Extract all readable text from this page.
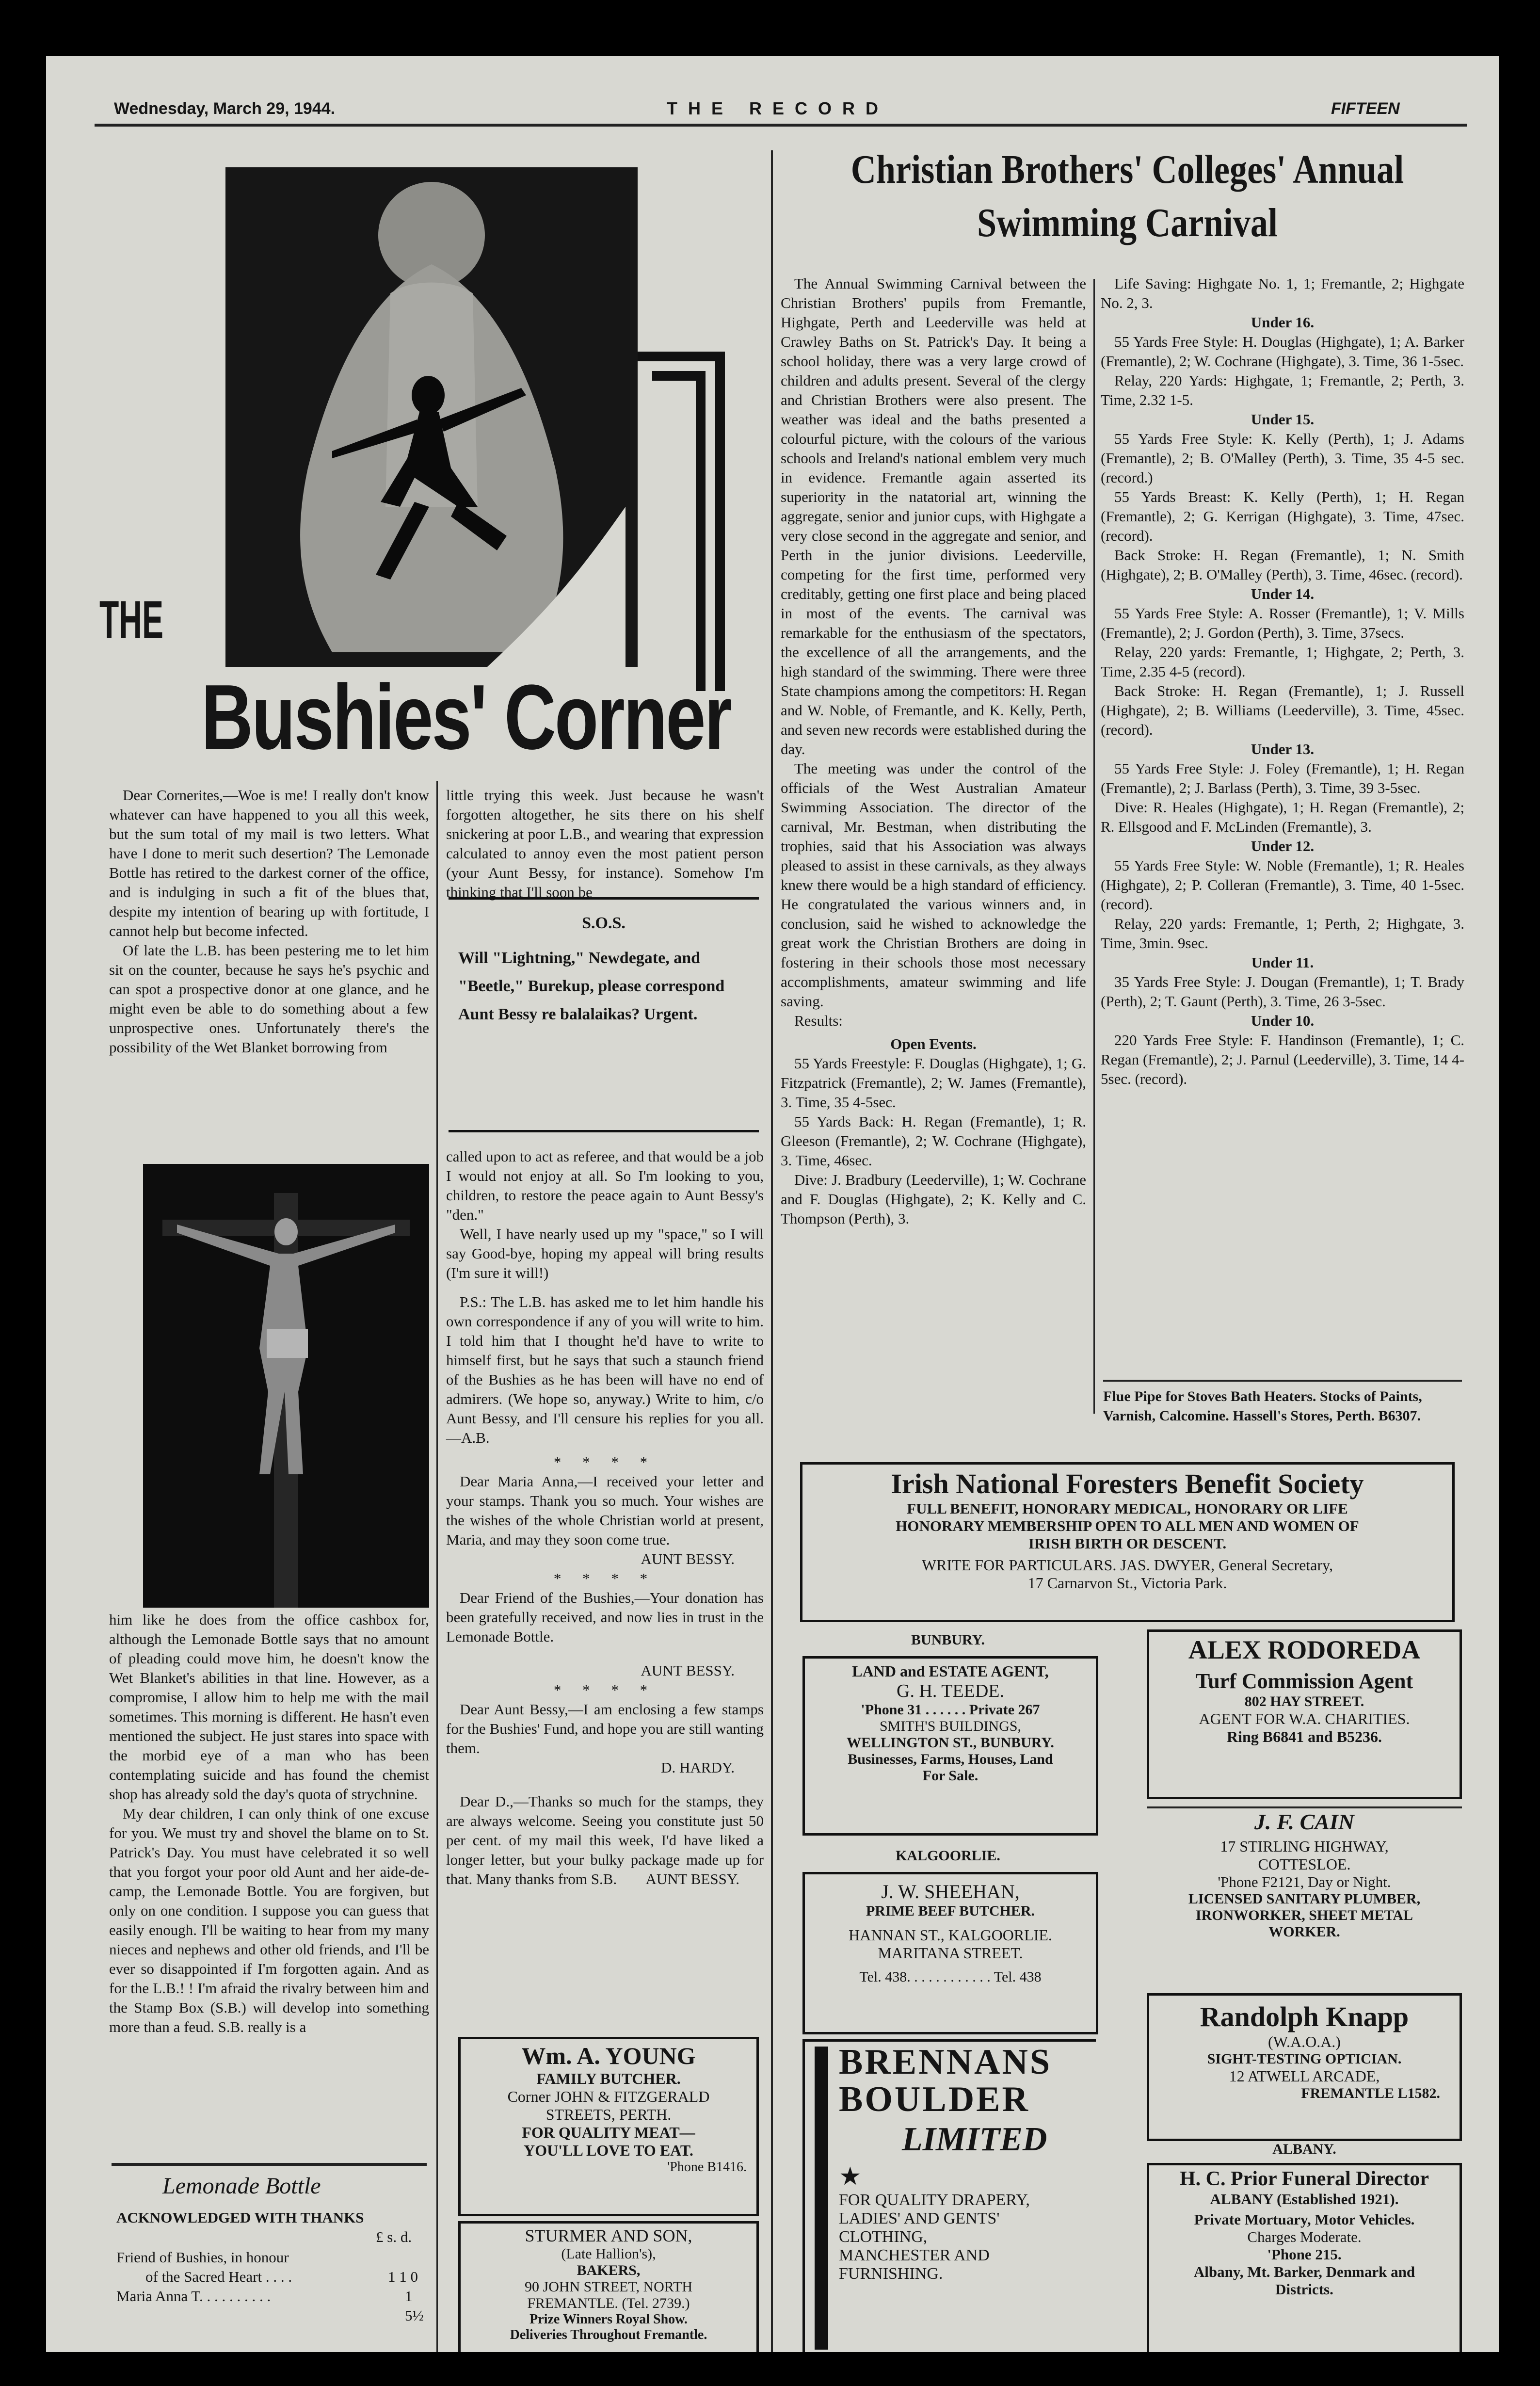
Wednesday, March 29, 1944.	THE RECORD	FIFTEEN
THE
Bushies' Corner

Dear Cornerites,—Woe is me! I really don't know whatever can have happened to you all this week, but the sum total of my mail is two letters. What have I done to merit such desertion? The Lemonade Bottle has retired to the darkest corner of the office, and is indulging in such a fit of the blues that, despite my intention of bearing up with fortitude, I cannot help but become infected.

Of late the L.B. has been pestering me to let him sit on the counter, because he says he's psychic and can spot a prospective donor at one glance, and he might even be able to do something about a few unprospective ones. Unfortunately there's the possibility of the Wet Blanket borrowing from

him like he does from the office cashbox for, although the Lemonade Bottle says that no amount of pleading could move him, he doesn't know the Wet Blanket's abilities in that line. However, as a compromise, I allow him to help me with the mail sometimes. This morning is different. He hasn't even mentioned the subject. He just stares into space with the morbid eye of a man who has been contemplating suicide and has found the chemist shop has already sold the day's quota of strychnine.

My dear children, I can only think of one excuse for you. We must try and shovel the blame on to St. Patrick's Day. You must have celebrated it so well that you forgot your poor old Aunt and her aide-de-camp, the Lemonade Bottle. You are forgiven, but only on one condition. I suppose you can guess that easily enough. I'll be waiting to hear from my many nieces and nephews and other old friends, and I'll be ever so disappointed if I'm forgotten again. And as for the L.B.! ! I'm afraid the rivalry between him and the Stamp Box (S.B.) will develop into something more than a feud. S.B. really is a

Lemonade Bottle
ACKNOWLEDGED WITH THANKS
£ s. d.
Friend of Bushies, in honour
of the Sacred Heart . . . .	1 1 0
Maria Anna T. . . . . . . . . .	1 5½

little trying this week. Just because he wasn't forgotten altogether, he sits there on his shelf snickering at poor L.B., and wearing that expression calculated to annoy even the most patient person (your Aunt Bessy, for instance). Somehow I'm thinking that I'll soon be

S.O.S.
Will "Lightning," Newdegate, and "Beetle," Burekup, please correspond Aunt Bessy re balalaikas? Urgent.

called upon to act as referee, and that would be a job I would not enjoy at all. So I'm looking to you, children, to restore the peace again to Aunt Bessy's "den."

Well, I have nearly used up my "space," so I will say Good-bye, hoping my appeal will bring results (I'm sure it will!)

P.S.: The L.B. has asked me to let him handle his own correspondence if any of you will write to him. I told him that I thought he'd have to write to himself first, but he says that such a staunch friend of the Bushies as he has been will have no end of admirers. (We hope so, anyway.) Write to him, c/o Aunt Bessy, and I'll censure his replies for you all.—A.B.

* * * *

Dear Maria Anna,—I received your letter and your stamps. Thank you so much. Your wishes are the wishes of the whole Christian world at present, Maria, and may they soon come true.

AUNT BESSY.
* * * *

Dear Friend of the Bushies,—Your donation has been gratefully received, and now lies in trust in the Lemonade Bottle.

AUNT BESSY.
* * * *

Dear Aunt Bessy,—I am enclosing a few stamps for the Bushies' Fund, and hope you are still wanting them.

D. HARDY.

Dear D.,—Thanks so much for the stamps, they are always welcome. Seeing you constitute just 50 per cent. of my mail this week, I'd have liked a longer letter, but your bulky package made up for that. Many thanks from S.B.	AUNT BESSY.
Wm. A. YOUNG
FAMILY BUTCHER.
Corner JOHN & FITZGERALD
STREETS, PERTH.
FOR QUALITY MEAT—
YOU'LL LOVE TO EAT.
'Phone B1416.
STURMER AND SON,
(Late Hallion's),
BAKERS,
90 JOHN STREET, NORTH
FREMANTLE. (Tel. 2739.)
Prize Winners Royal Show.
Deliveries Throughout Fremantle.
Christian Brothers' Colleges' Annual
Swimming Carnival

The Annual Swimming Carnival between the Christian Brothers' pupils from Fremantle, Highgate, Perth and Leederville was held at Crawley Baths on St. Patrick's Day. It being a school holiday, there was a very large crowd of children and adults present. Several of the clergy and Christian Brothers were also present. The weather was ideal and the baths presented a colourful picture, with the colours of the various schools and Ireland's national emblem very much in evidence. Fremantle again asserted its superiority in the natatorial art, winning the aggregate, senior and junior cups, with Highgate a very close second in the aggregate and senior, and Perth in the junior divisions. Leederville, competing for the first time, performed very creditably, getting one first place and being placed in most of the events. The carnival was remarkable for the enthusiasm of the spectators, the excellence of all the arrangements, and the high standard of the swimming. There were three State champions among the competitors: H. Regan and W. Noble, of Fremantle, and K. Kelly, Perth, and seven new records were established during the day.

The meeting was under the control of the officials of the West Australian Amateur Swimming Association. The director of the carnival, Mr. Bestman, when distributing the trophies, said that his Association was always pleased to assist in these carnivals, as they always knew there would be a high standard of efficiency. He congratulated the various winners and, in conclusion, said he wished to acknowledge the great work the Christian Brothers are doing in fostering in their schools those most necessary accomplishments, amateur swimming and life saving.

Results:

Open Events.

55 Yards Freestyle: F. Douglas (Highgate), 1; G. Fitzpatrick (Fremantle), 2; W. James (Fremantle), 3. Time, 35 4-5sec.

55 Yards Back: H. Regan (Fremantle), 1; R. Gleeson (Fremantle), 2; W. Cochrane (Highgate), 3. Time, 46sec.

Dive: J. Bradbury (Leederville), 1; W. Cochrane and F. Douglas (Highgate), 2; K. Kelly and C. Thompson (Perth), 3.

Life Saving: Highgate No. 1, 1; Fremantle, 2; Highgate No. 2, 3.

Under 16.

55 Yards Free Style: H. Douglas (Highgate), 1; A. Barker (Fremantle), 2; W. Cochrane (Highgate), 3. Time, 36 1-5sec.

Relay, 220 Yards: Highgate, 1; Fremantle, 2; Perth, 3. Time, 2.32 1-5.

Under 15.

55 Yards Free Style: K. Kelly (Perth), 1; J. Adams (Fremantle), 2; B. O'Malley (Perth), 3. Time, 35 4-5 sec. (record.)

55 Yards Breast: K. Kelly (Perth), 1; H. Regan (Fremantle), 2; G. Kerrigan (Highgate), 3. Time, 47sec. (record).

Back Stroke: H. Regan (Fremantle), 1; N. Smith (Highgate), 2; B. O'Malley (Perth), 3. Time, 46sec. (record).

Under 14.

55 Yards Free Style: A. Rosser (Fremantle), 1; V. Mills (Fremantle), 2; J. Gordon (Perth), 3. Time, 37secs.

Relay, 220 yards: Fremantle, 1; Highgate, 2; Perth, 3. Time, 2.35 4-5 (record).

Back Stroke: H. Regan (Fremantle), 1; J. Russell (Highgate), 2; B. Williams (Leederville), 3. Time, 45sec. (record).

Under 13.

55 Yards Free Style: J. Foley (Fremantle), 1; H. Regan (Fremantle), 2; J. Barlass (Perth), 3. Time, 39 3-5sec.

Dive: R. Heales (Highgate), 1; H. Regan (Fremantle), 2; R. Ellsgood and F. McLinden (Fremantle), 3.

Under 12.

55 Yards Free Style: W. Noble (Fremantle), 1; R. Heales (Highgate), 2; P. Colleran (Fremantle), 3. Time, 40 1-5sec. (record).

Relay, 220 yards: Fremantle, 1; Perth, 2; Highgate, 3. Time, 3min. 9sec.

Under 11.

35 Yards Free Style: J. Dougan (Fremantle), 1; T. Brady (Perth), 2; T. Gaunt (Perth), 3. Time, 26 3-5sec.

Under 10.

220 Yards Free Style: F. Handinson (Fremantle), 1; C. Regan (Fremantle), 2; J. Parnul (Leederville), 3. Time, 14 4-5sec. (record).

Flue Pipe for Stoves Bath Heaters. Stocks of Paints, Varnish, Calcomine. Hassell's Stores, Perth. B6307.
Irish National Foresters Benefit Society
FULL BENEFIT, HONORARY MEDICAL, HONORARY OR LIFE
HONORARY MEMBERSHIP OPEN TO ALL MEN AND WOMEN OF
IRISH BIRTH OR DESCENT.
WRITE FOR PARTICULARS. JAS. DWYER, General Secretary,
17 Carnarvon St., Victoria Park.
BUNBURY.
LAND and ESTATE AGENT,
G. H. TEEDE.
'Phone 31 . . . . . . Private 267
SMITH'S BUILDINGS,
WELLINGTON ST., BUNBURY.
Businesses, Farms, Houses, Land
For Sale.
KALGOORLIE.
J. W. SHEEHAN,
PRIME BEEF BUTCHER.
HANNAN ST., KALGOORLIE.
MARITANA STREET.
Tel. 438. . . . . . . . . . . . Tel. 438
BRENNANS
BOULDER
LIMITED
★
FOR QUALITY DRAPERY,
LADIES' AND GENTS'
CLOTHING,
MANCHESTER AND
FURNISHING.
ALEX RODOREDA
Turf Commission Agent
802 HAY STREET.
AGENT FOR W.A. CHARITIES.
Ring B6841 and B5236.
J. F. CAIN
17 STIRLING HIGHWAY,
COTTESLOE.
'Phone F2121, Day or Night.
LICENSED SANITARY PLUMBER,
IRONWORKER, SHEET METAL
WORKER.
Randolph Knapp
(W.A.O.A.)
SIGHT-TESTING OPTICIAN.
12 ATWELL ARCADE,
FREMANTLE L1582.
ALBANY.
H. C. Prior Funeral Director
ALBANY (Established 1921).
Private Mortuary, Motor Vehicles.
Charges Moderate.
'Phone 215.
Albany, Mt. Barker, Denmark and
Districts.
